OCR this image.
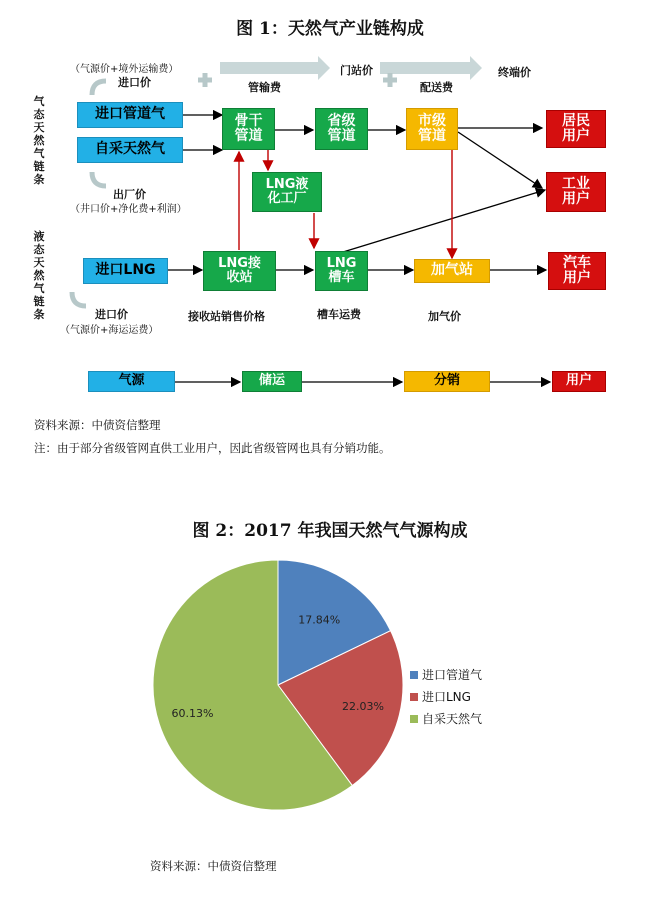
图 1：天然气产业链构成
（气源价+境外运输费）
进口价	管输费
门站价
配送费
终端价
气态天然气链条
液态天然气链条
进口管道气
自采天然气
骨干
管道
省级
管道
市级
管道
居民
用户
工业
用户
LNG液
化工厂
出厂价
（井口价+净化费+利润）
进口LNG	LNG接
收站
LNG
槽车	加气站	汽车
用户
进口价
（气源价+海运运费）
接收站销售价格	槽车运费	加气价
气源	储运	分销	用户
资料来源：中债资信整理
注：由于部分省级管网直供工业用户，因此省级管网也具有分销功能。
图 2：2017 年我国天然气气源构成
17.84%
22.03%
60.13%
进口管道气
进口LNG
自采天然气
资料来源：中债资信整理
